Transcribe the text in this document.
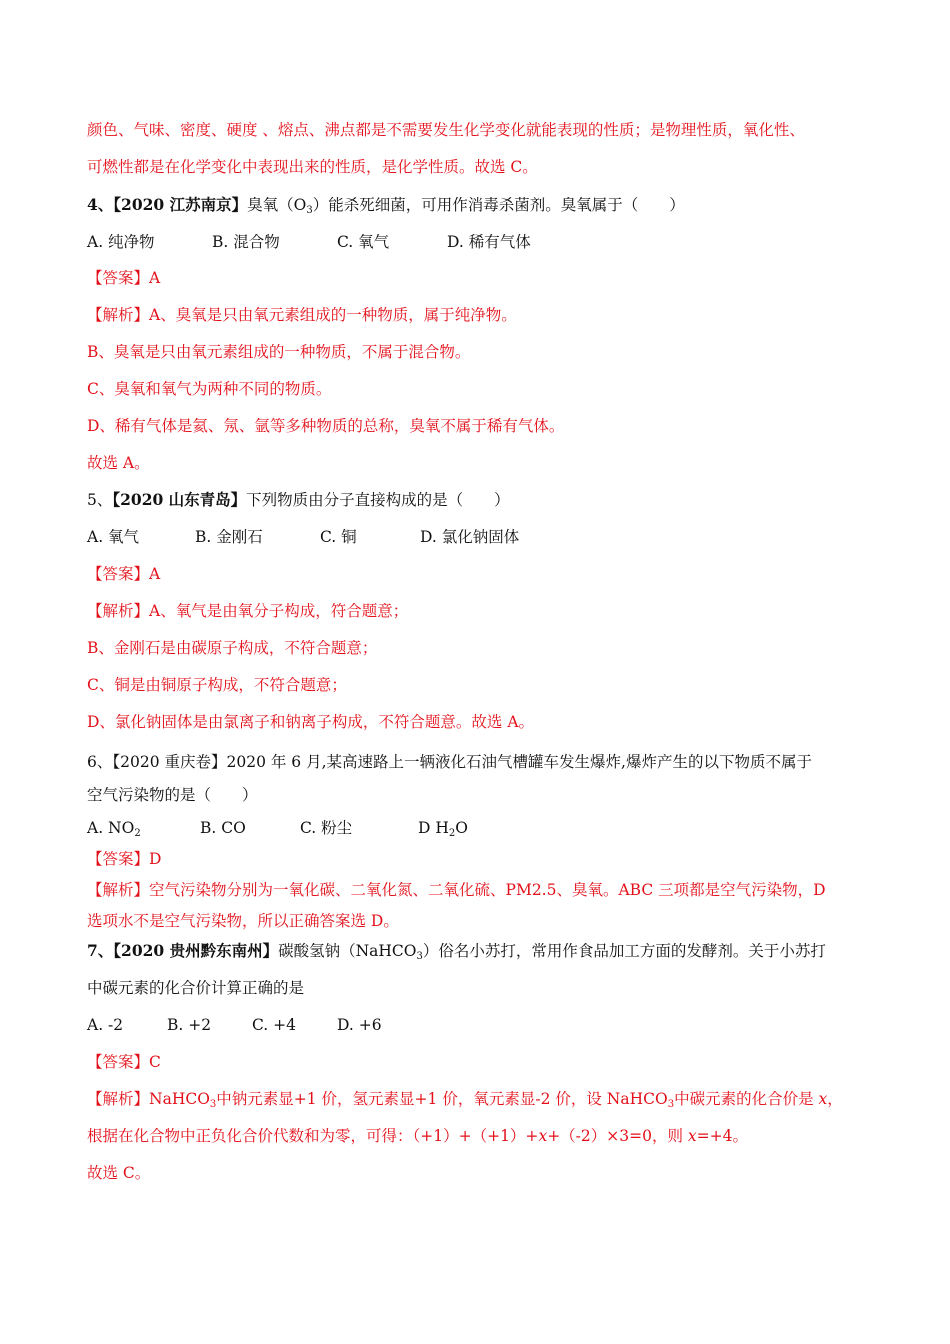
颜色、气味、密度、硬度 、熔点、沸点都是不需要发生化学变化就能表现的性质；是物理性质，氧化性、
可燃性都是在化学变化中表现出来的性质，是化学性质。故选 C。
4、【2020 江苏南京】臭氧$(O_3)$能杀死细菌，可用作消毒杀菌剂。臭氧属于（　　）
A. 纯净物	B. 混合物	C. 氧气	D. 稀有气体
【答案】A
【解析】A、臭氧是只由氧元素组成的一种物质，属于纯净物。
B、臭氧是只由氧元素组成的一种物质，不属于混合物。
C、臭氧和氧气为两种不同的物质。
D、稀有气体是氦、氖、氩等多种物质的总称，臭氧不属于稀有气体。
故选 A。
5、【2020 山东青岛】下列物质由分子直接构成的是（　　）
A. 氧气	B. 金刚石	C. 铜	D. 氯化钠固体
【答案】A
【解析】A、氧气是由氧分子构成，符合题意；
B、金刚石是由碳原子构成，不符合题意；
C、铜是由铜原子构成，不符合题意；
D、氯化钠固体是由氯离子和钠离子构成，不符合题意。故选 A。
6、【2020 重庆卷】2020 年 6 月,某高速路上一辆液化石油气槽罐车发生爆炸,爆炸产生的以下物质不属于
空气污染物的是（　　）
A. $NO_2$	B. CO	C. 粉尘	D $H_2O$
【答案】D
【解析】空气污染物分别为一氧化碳、二氧化氮、二氧化硫、PM2.5、臭氧。ABC 三项都是空气污染物，D
选项水不是空气污染物，所以正确答案选 D。
7、【2020 贵州黔东南州】碳酸氢钠（NaHCO$_3$）俗名小苏打，常用作食品加工方面的发酵剂。关于小苏打
中碳元素的化合价计算正确的是
A. -2	B. +2	C. +4	D. +6
【答案】C
【解析】NaHCO$_3$中钠元素显+1 价，氢元素显+1 价，氧元素显-2 价，设 NaHCO$_3$中碳元素的化合价是 x，
根据在化合物中正负化合价代数和为零，可得：（+1）+（+1）+x+（-2）×3=0，则 x=+4。
故选 C。
